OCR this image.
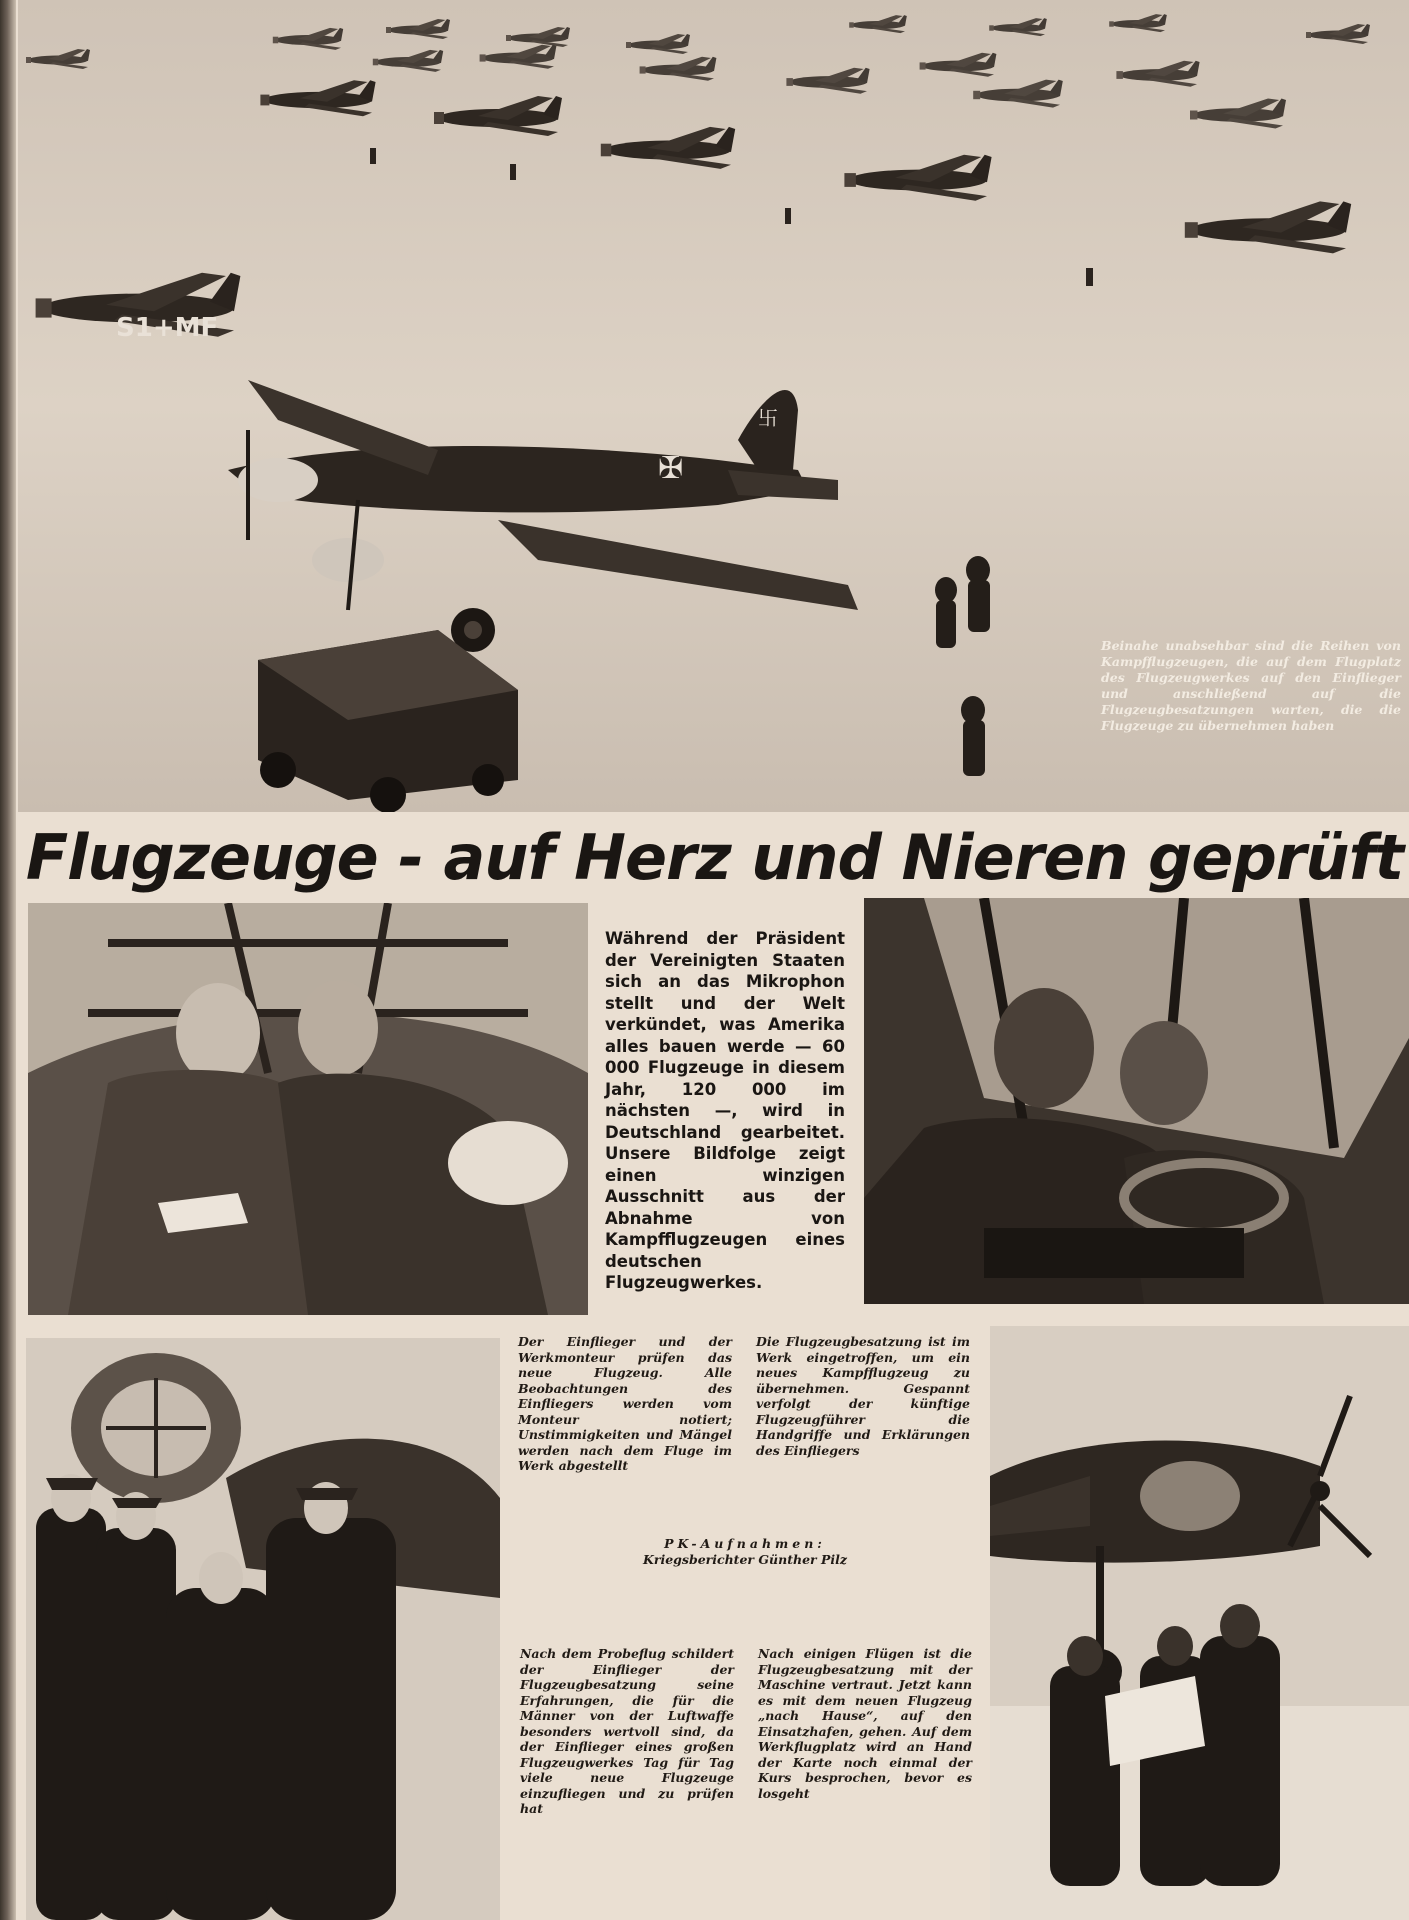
✠
卐
S1+MF
Beinahe unabsehbar sind die Reihen von Kampfflugzeugen, die auf dem Flugplatz des Flugzeugwerkes auf den Einflieger und anschließend auf die Flugzeugbesatzungen warten, die die Flugzeuge zu übernehmen haben
Flugzeuge - auf Herz und Nieren geprüft
Während der Präsident der Vereinigten Staaten sich an das Mikrophon stellt und der Welt verkündet, was Amerika alles bauen werde — 60 000 Flugzeuge in diesem Jahr, 120 000 im nächsten —, wird in Deutschland gearbeitet. Unsere Bildfolge zeigt einen winzigen Ausschnitt aus der Abnahme von Kampfflugzeugen eines deutschen Flugzeugwerkes.
Der Einflieger und der Werkmonteur prüfen das neue Flugzeug. Alle Beobachtungen des Einfliegers werden vom Monteur notiert; Unstimmigkeiten und Mängel werden nach dem Fluge im Werk abgestellt
Die Flugzeugbesatzung ist im Werk eingetroffen, um ein neues Kampfflugzeug zu übernehmen. Gespannt verfolgt der künftige Flugzeugführer die Handgriffe und Erklärungen des Einfliegers
PK-Aufnahmen:
Kriegsberichter Günther Pilz
Nach dem Probeflug schildert der Einflieger der Flugzeugbesatzung seine Erfahrungen, die für die Männer von der Luftwaffe besonders wertvoll sind, da der Einflieger eines großen Flugzeugwerkes Tag für Tag viele neue Flugzeuge einzufliegen und zu prüfen hat
Nach einigen Flügen ist die Flugzeugbesatzung mit der Maschine vertraut. Jetzt kann es mit dem neuen Flugzeug „nach Hause“, auf den Einsatzhafen, gehen. Auf dem Werkflugplatz wird an Hand der Karte noch einmal der Kurs besprochen, bevor es losgeht
